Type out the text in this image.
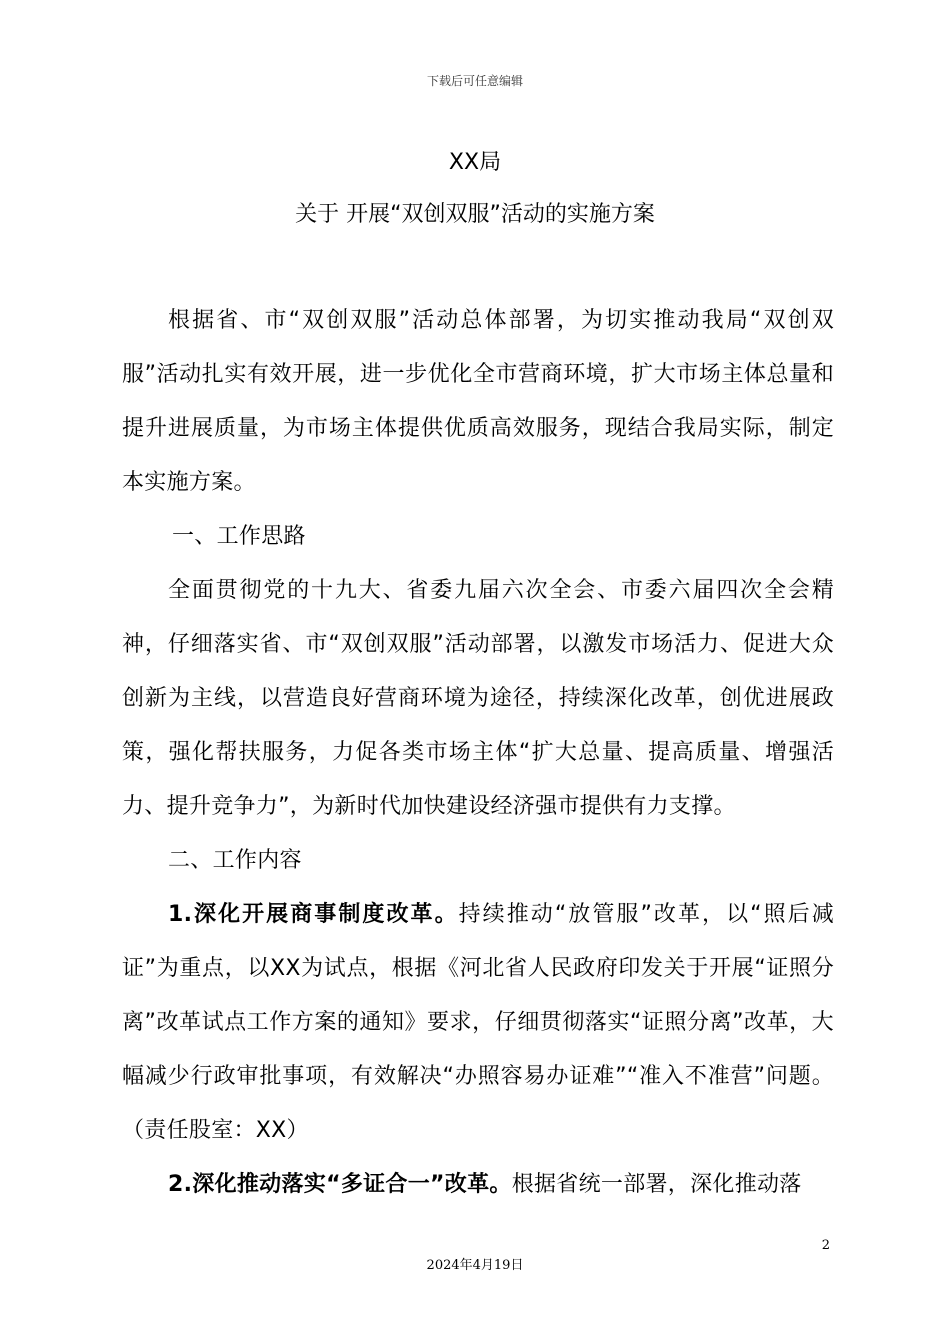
下载后可任意编辑
XX局
关于 开展“双创双服”活动的实施方案

根据省、市“双创双服”活动总体部署，为切实推动我局“双创双服”活动扎实有效开展，进一步优化全市营商环境，扩大市场主体总量和提升进展质量，为市场主体提供优质高效服务，现结合我局实际，制定本实施方案。

一、工作思路

全面贯彻党的十九大、省委九届六次全会、市委六届四次全会精神，仔细落实省、市“双创双服”活动部署，以激发市场活力、促进大众创新为主线，以营造良好营商环境为途径，持续深化改革，创优进展政策，强化帮扶服务，力促各类市场主体“扩大总量、提高质量、增强活力、提升竞争力”，为新时代加快建设经济强市提供有力支撑。

二、工作内容

1.深化开展商事制度改革。持续推动“放管服”改革，以“照后减证”为重点，以XX为试点，根据《河北省人民政府印发关于开展“证照分离”改革试点工作方案的通知》要求，仔细贯彻落实“证照分离”改革，大幅减少行政审批事项，有效解决“办照容易办证难”“准入不准营”问题。（责任股室：XX）

2.深化推动落实“多证合一”改革。根据省统一部署，深化推动落

2
2024年4月19日
